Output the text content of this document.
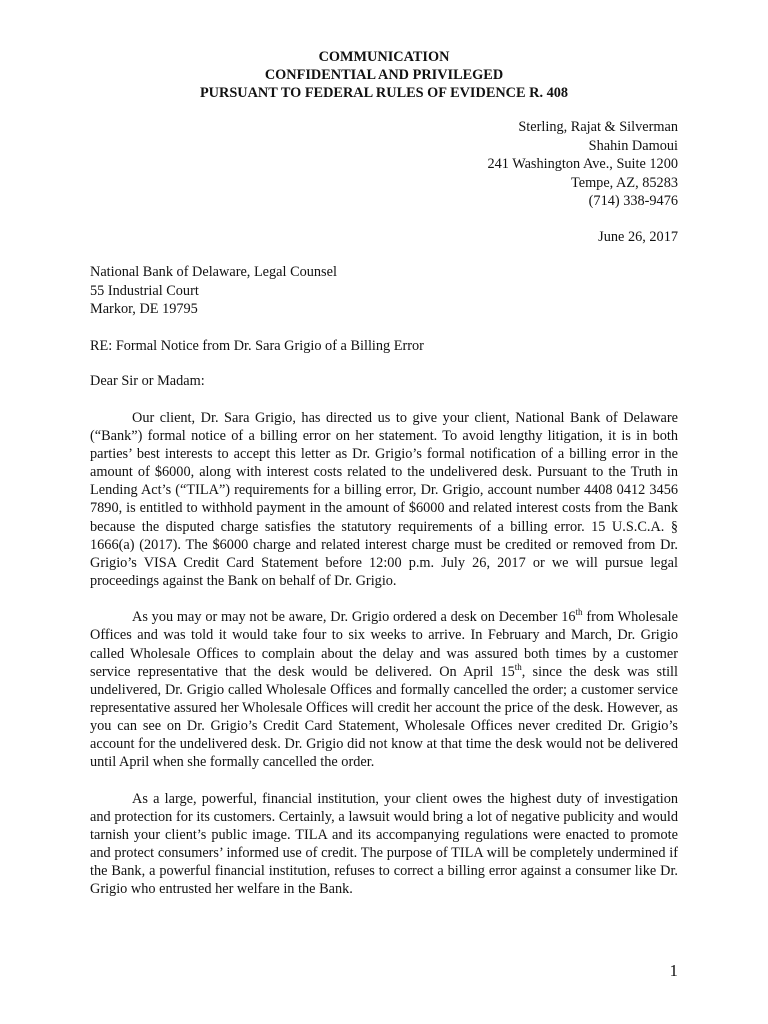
COMMUNICATION
CONFIDENTIAL AND PRIVILEGED
PURSUANT TO FEDERAL RULES OF EVIDENCE R. 408
Sterling, Rajat & Silverman
Shahin Damoui
241 Washington Ave., Suite 1200
Tempe, AZ, 85283
(714) 338-9476
June 26, 2017
National Bank of Delaware, Legal Counsel
55 Industrial Court
Markor, DE 19795
RE: Formal Notice from Dr. Sara Grigio of a Billing Error
Dear Sir or Madam:

Our client, Dr. Sara Grigio, has directed us to give your client, National Bank of Delaware (“Bank”) formal notice of a billing error on her statement. To avoid lengthy litigation, it is in both parties’ best interests to accept this letter as Dr. Grigio’s formal notification of a billing error in the amount of $6000, along with interest costs related to the undelivered desk. Pursuant to the Truth in Lending Act’s (“TILA”) requirements for a billing error, Dr. Grigio, account number 4408 0412 3456 7890, is entitled to withhold payment in the amount of $6000 and related interest costs from the Bank because the disputed charge satisfies the statutory requirements of a billing error. 15 U.S.C.A. § 1666(a) (2017). The $6000 charge and related interest charge must be credited or removed from Dr. Grigio’s VISA Credit Card Statement before 12:00 p.m. July 26, 2017 or we will pursue legal proceedings against the Bank on behalf of Dr. Grigio.

As you may or may not be aware, Dr. Grigio ordered a desk on December 16th from Wholesale Offices and was told it would take four to six weeks to arrive. In February and March, Dr. Grigio called Wholesale Offices to complain about the delay and was assured both times by a customer service representative that the desk would be delivered. On April 15th, since the desk was still undelivered, Dr. Grigio called Wholesale Offices and formally cancelled the order; a customer service representative assured her Wholesale Offices will credit her account the price of the desk. However, as you can see on Dr. Grigio’s Credit Card Statement, Wholesale Offices never credited Dr. Grigio’s account for the undelivered desk. Dr. Grigio did not know at that time the desk would not be delivered until April when she formally cancelled the order.

As a large, powerful, financial institution, your client owes the highest duty of investigation and protection for its customers. Certainly, a lawsuit would bring a lot of negative publicity and would tarnish your client’s public image. TILA and its accompanying regulations were enacted to promote and protect consumers’ informed use of credit. The purpose of TILA will be completely undermined if the Bank, a powerful financial institution, refuses to correct a billing error against a consumer like Dr. Grigio who entrusted her welfare in the Bank.

1
